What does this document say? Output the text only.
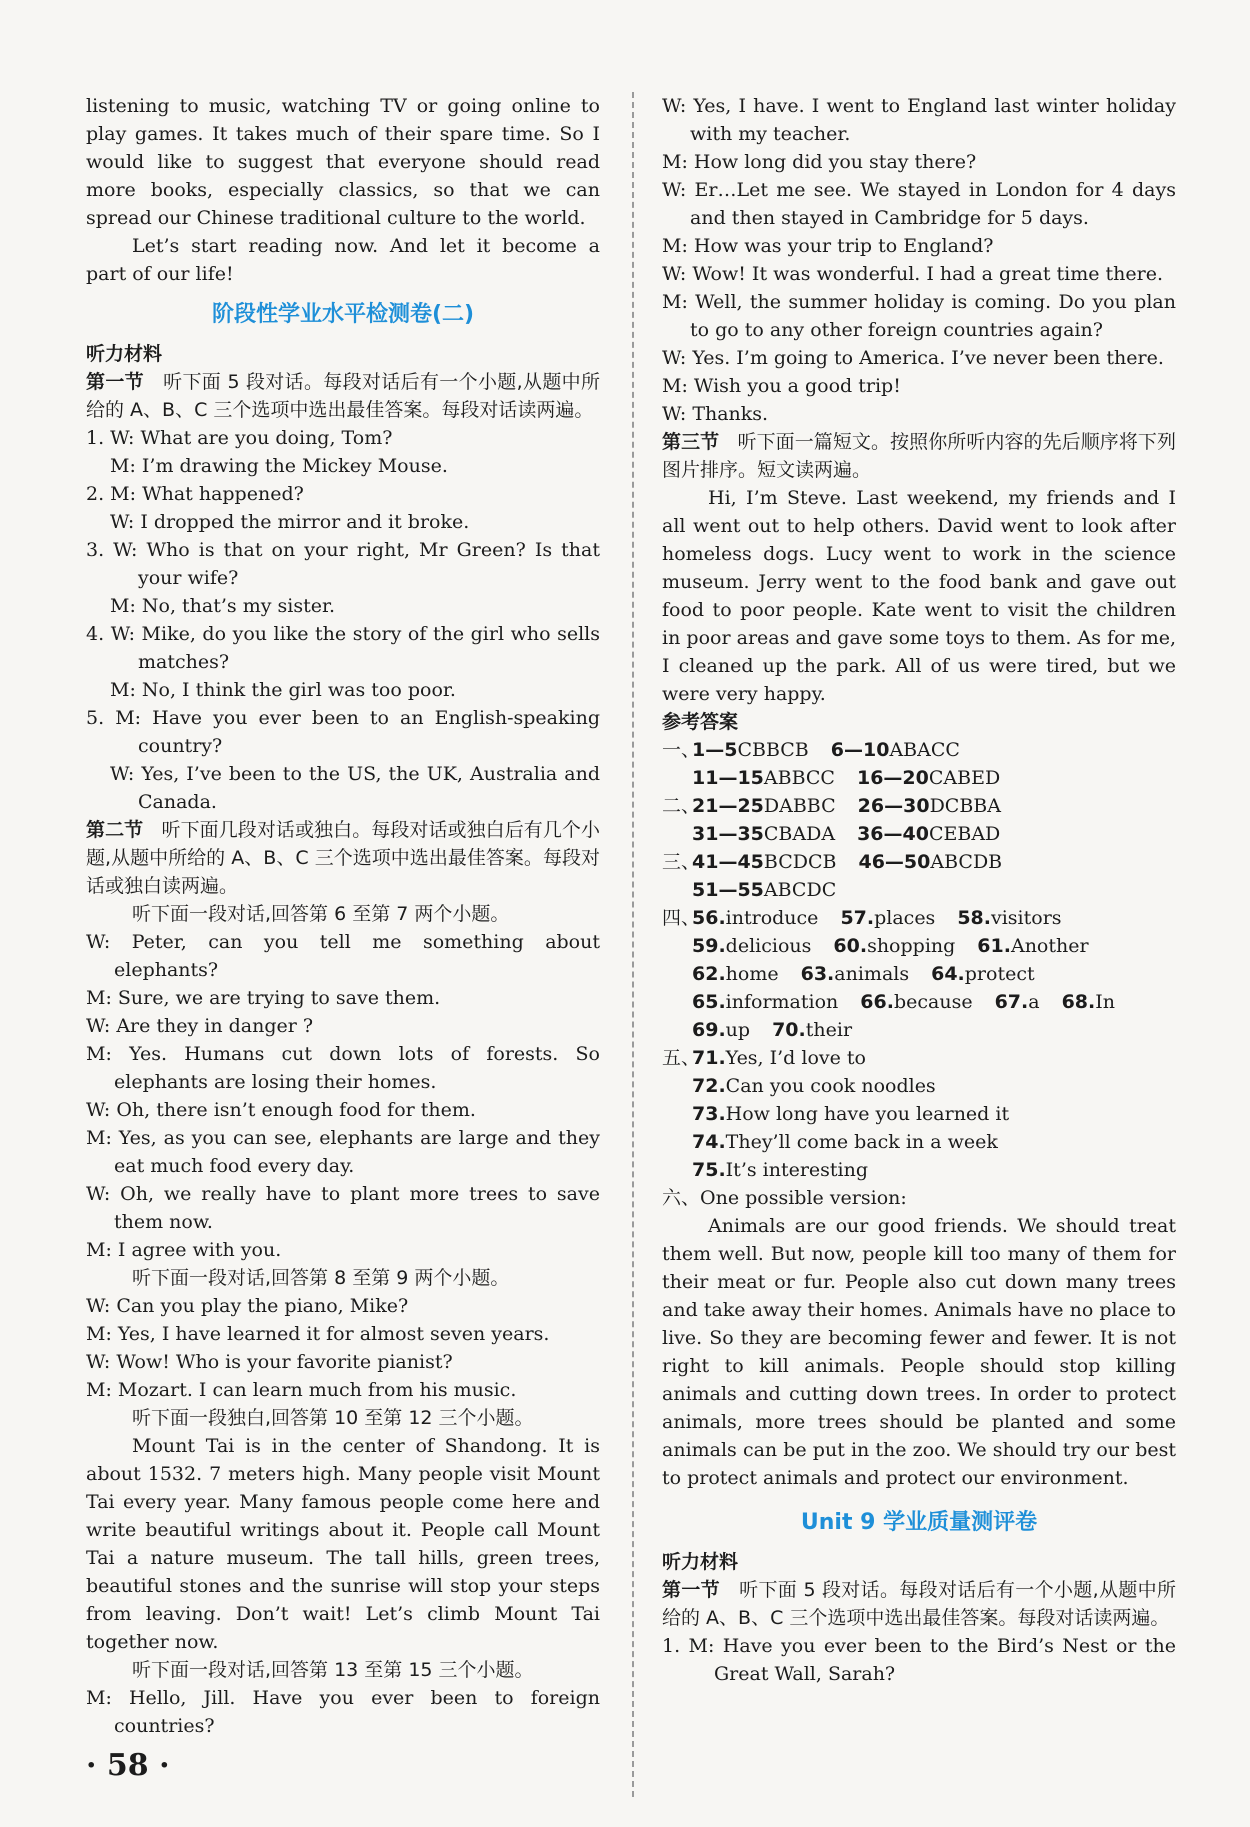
listening to music, watching TV or going online to play games. It takes much of their spare time. So I would like to suggest that everyone should read more books, especially classics, so that we can spread our Chinese traditional culture to the world.

Let’s start reading now. And let it become a part of our life!

阶段性学业水平检测卷(二)

听力材料

第一节 听下面 5 段对话。每段对话后有一个小题,从题中所给的 A、B、C 三个选项中选出最佳答案。每段对话读两遍。

1. W: What are you doing, Tom?

M: I’m drawing the Mickey Mouse.

2. M: What happened?

W: I dropped the mirror and it broke.

3. W: Who is that on your right, Mr Green? Is that your wife?

M: No, that’s my sister.

4. W: Mike, do you like the story of the girl who sells matches?

M: No, I think the girl was too poor.

5. M: Have you ever been to an English-speaking country?

W: Yes, I’ve been to the US, the UK, Australia and Canada.

第二节 听下面几段对话或独白。每段对话或独白后有几个小题,从题中所给的 A、B、C 三个选项中选出最佳答案。每段对话或独白读两遍。

听下面一段对话,回答第 6 至第 7 两个小题。

W: Peter, can you tell me something about elephants?

M: Sure, we are trying to save them.

W: Are they in danger ?

M: Yes. Humans cut down lots of forests. So elephants are losing their homes.

W: Oh, there isn’t enough food for them.

M: Yes, as you can see, elephants are large and they eat much food every day.

W: Oh, we really have to plant more trees to save them now.

M: I agree with you.

听下面一段对话,回答第 8 至第 9 两个小题。

W: Can you play the piano, Mike?

M: Yes, I have learned it for almost seven years.

W: Wow! Who is your favorite pianist?

M: Mozart. I can learn much from his music.

听下面一段独白,回答第 10 至第 12 三个小题。

Mount Tai is in the center of Shandong. It is about 1532. 7 meters high. Many people visit Mount Tai every year. Many famous people come here and write beautiful writings about it. People call Mount Tai a nature museum. The tall hills, green trees, beautiful stones and the sunrise will stop your steps from leaving. Don’t wait! Let’s climb Mount Tai together now.

听下面一段对话,回答第 13 至第 15 三个小题。

M: Hello, Jill. Have you ever been to foreign countries?

W: Yes, I have. I went to England last winter holiday with my teacher.

M: How long did you stay there?

W: Er…Let me see. We stayed in London for 4 days and then stayed in Cambridge for 5 days.

M: How was your trip to England?

W: Wow! It was wonderful. I had a great time there.

M: Well, the summer holiday is coming. Do you plan to go to any other foreign countries again?

W: Yes. I’m going to America. I’ve never been there.

M: Wish you a good trip!

W: Thanks.

第三节 听下面一篇短文。按照你所听内容的先后顺序将下列图片排序。短文读两遍。

Hi, I’m Steve. Last weekend, my friends and I all went out to help others. David went to look after homeless dogs. Lucy went to work in the science museum. Jerry went to the food bank and gave out food to poor people. Kate went to visit the children in poor areas and gave some toys to them. As for me, I cleaned up the park. All of us were tired, but we were very happy.

参考答案

一、
1—5 CBBCB 6—10 ABACC

11—15 ABBCC 16—20 CABED

二、
21—25 DABBC 26—30 DCBBA

31—35 CBADA 36—40 CEBAD

三、
41—45 BCDCB 46—50 ABCDB

51—55 ABCDC

四、
56. introduce 57. places 58. visitors

59. delicious 60. shopping 61. Another

62. home 63. animals 64. protect

65. information 66. because 67. a 68. In

69. up 70. their

五、
71. Yes, I’d love to

72. Can you cook noodles

73. How long have you learned it

74. They’ll come back in a week

75. It’s interesting

六、One possible version:

Animals are our good friends. We should treat them well. But now, people kill too many of them for their meat or fur. People also cut down many trees and take away their homes. Animals have no place to live. So they are becoming fewer and fewer. It is not right to kill animals. People should stop killing animals and cutting down trees. In order to protect animals, more trees should be planted and some animals can be put in the zoo. We should try our best to protect animals and protect our environment.

Unit 9 学业质量测评卷

听力材料

第一节 听下面 5 段对话。每段对话后有一个小题,从题中所给的 A、B、C 三个选项中选出最佳答案。每段对话读两遍。

1. M: Have you ever been to the Bird’s Nest or the Great Wall, Sarah?

· 58 ·
